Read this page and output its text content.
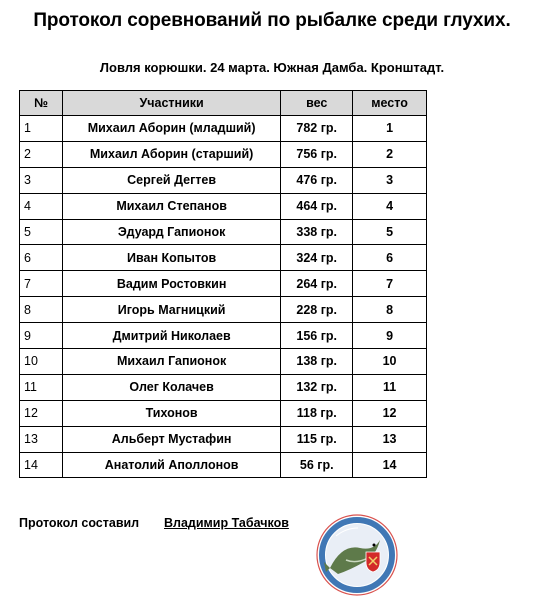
Протокол соревнований по рыбалке среди глухих.
Ловля корюшки. 24 марта. Южная Дамба. Кронштадт.
№	Участники	вес	место
1	Михаил Аборин (младший)	782 гр.	1
2	Михаил Аборин (старший)	756 гр.	2
3	Сергей Дегтев	476 гр.	3
4	Михаил Степанов	464 гр.	4
5	Эдуард Гапионок	338 гр.	5
6	Иван Копытов	324 гр.	6
7	Вадим Ростовкин	264 гр.	7
8	Игорь Магницкий	228 гр.	8
9	Дмитрий Николаев	156 гр.	9
10	Михаил Гапионок	138 гр.	10
11	Олег Колачев	132 гр.	11
12	Тихонов	118 гр.	12
13	Альберт Мустафин	115 гр.	13
14	Анатолий Аполлонов	56 гр.	14
Протокол составил Владимир Табачков
